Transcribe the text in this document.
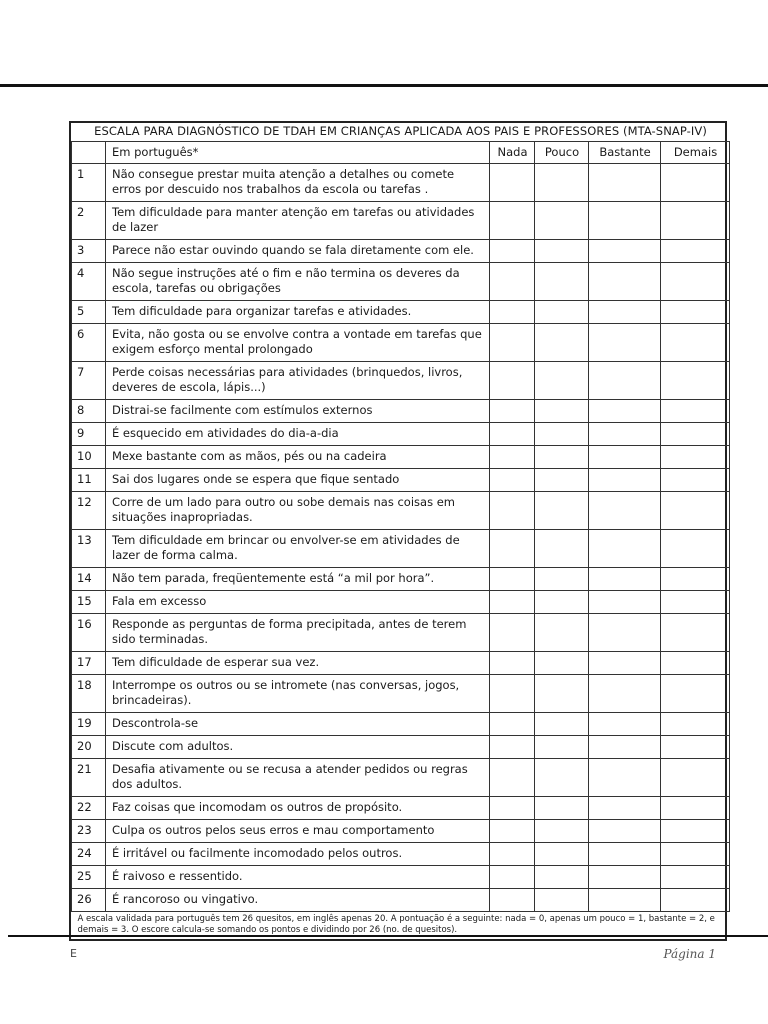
ESCALA PARA DIAGNÓSTICO DE TDAH EM CRIANÇAS APLICADA AOS PAIS E PROFESSORES (MTA-SNAP-IV)					
	Em português*	Nada	Pouco	Bastante	Demais
1	Não consegue prestar muita atenção a detalhes ou comete erros por descuido nos trabalhos da escola ou tarefas .				
2	Tem dificuldade para manter atenção em tarefas ou atividades de lazer				
3	Parece não estar ouvindo quando se fala diretamente com ele.				
4	Não segue instruções até o fim e não termina os deveres da escola, tarefas ou obrigações				
5	Tem dificuldade para organizar tarefas e atividades.				
6	Evita, não gosta ou se envolve contra a vontade em tarefas que exigem esforço mental prolongado				
7	Perde coisas necessárias para atividades (brinquedos, livros, deveres de escola, lápis...)				
8	Distrai-se facilmente com estímulos externos				
9	É esquecido em atividades do dia-a-dia				
10	Mexe bastante com as mãos, pés ou na cadeira				
11	Sai dos lugares onde se espera que fique sentado				
12	Corre de um lado para outro ou sobe demais nas coisas em situações inapropriadas.				
13	Tem dificuldade em brincar ou envolver-se em atividades de lazer de forma calma.				
14	Não tem parada, freqüentemente está “a mil por hora”.				
15	Fala em excesso				
16	Responde as perguntas de forma precipitada, antes de terem sido terminadas.				
17	Tem dificuldade de esperar sua vez.				
18	Interrompe os outros ou se intromete (nas conversas, jogos, brincadeiras).				
19	Descontrola-se				
20	Discute com adultos.				
21	Desafia ativamente ou se recusa a atender pedidos ou regras dos adultos.				
22	Faz coisas que incomodam os outros de propósito.				
23	Culpa os outros pelos seus erros e mau comportamento				
24	É irritável ou facilmente incomodado pelos outros.				
25	É raivoso e ressentido.				
26	É rancoroso ou vingativo.				
A escala validada para português tem 26 quesitos, em inglês apenas 20. A pontuação é a seguinte: nada = 0, apenas um pouco = 1, bastante = 2, e demais = 3. O escore calcula-se somando os pontos e dividindo por 26 (no. de quesitos).					
E	Página 1
